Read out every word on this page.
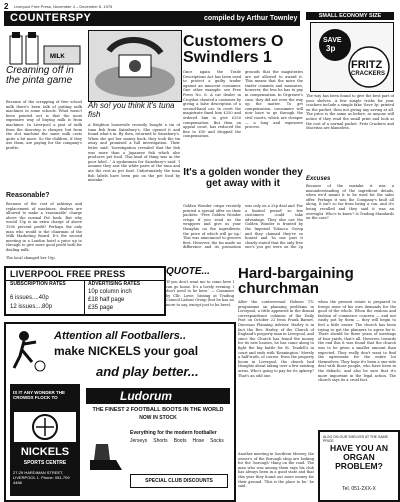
2 Liverpool Free Press, November 4 – December 6, 1975
COUNTERSPY	compiled by Arthur Townley
MILK
Creaming off in the pinta game
Because of the scrapping of free school milk there's been talk of putting milk machines in some schools. What wasn't been pointed out is that the most expensive way of buying milk is from machines. In Liverpool a pint of milk from the doorstep is cheaper, but from the slot machine the same milk costs quite a bit more. So the children, if they use them, are paying for the company's profits.
Reasonable?
Because of the cost of ashtrays and replacement of machines, dealers are allowed to make a 'reasonable' charge above the normal Pot book. But why would 13p is an extra charge of above 1500 percent profit? Perhaps the only man who would is the chairman of the Milk Marketing Board. It's the second meeting in a London hotel a price up to through to give more good profit both for dealing milk.
The local changed her 10p.
Ah so! you think it's tuna fish
A Brighton housewife recently bought a tin of tuna fish from Sainsbury's. She opened it and found what's in. By then, returned to Sainsbury's. When she got her money back, they took the tin away and promised a full investigation. Their letter said: 'Investigation revealed that the fish was more than a Japanese fish which also produces pet food. This kind of thing was in the poor label...' A spokesman for Sainsbury's said: 'I assume they saw the white parts of the tuna and ate the rest as pet food. Unfortunately the tuna fish labels have been put on the pet food by mistake.'
Customers O
Swindlers 1
Once again the Trade Descriptions Act has been used to protect a guilty trader against an innocent consumer. One other example: see Free Press No. 6. A car dealer in Croydon cheated a customer by giving a false description of a second-hand car. In court the magistrate fined him £250 and ordered him to give £250 compensation. But then on appeal court, has reduced the fine to £50 and dropped the compensation.
grounds that the magistrates are not allowed to award it. This means that the more the trader commits and measures, however, the less he has to pay in compensation. In Orgreave's case, they did not even the way up the matter. To get compensation, consumers will now have to go through the civil courts, which are cheaper — a long and expensive process.
It's a golden wonder they get away with it
Golden Wonder crisps recently printed a special offer on their packets: 'Free Golden Wonder crisps if you send us the wrappers and give us your thoughts on the ingredients, the price of which will go up.' This was announced to grocers first. However, the tin made no difference and its promotion was only on a 25p deal and 'For a limited period' so few customers could take advantage. They also use the Golden Wonder is fronted by the Imperial Tobacco Group and they claimed they're so honest and 'In one part it clearly stated that the only free one's you get were on the 2p
SMALL ECONOMY SIZE
SAVE
3p
FRITZ
CRACKERS
The way has been found to give the best part of your shelves. A few simple tricks for your crackers include a simple fake 'Save 3p' printed on the packet, then not giving any saving at all. The price is the same as before, as anyone will notice if they read the small print and look at the cost of a normal packet. Fritz Crackers and Macvitas are blameless.
Excuses
Because of the mistake it was a misunderstanding of the ingredient details, when we'd meant it to be used for the sales offer. Perhaps it was the Company's fault all along, it isn't so far from being a con, and it's being recalled and they said it was an oversight. Who's to know? Is Trading Standards on the case?
LIVERPOOL FREE PRESS
SUBSCRIPTION RATES
6 issues....40p
12 issues....80p
ADVERTISING RATES
10p column inch
£18 half page
£35 page
QUOTE...
'If you don't want me to come here I can go home. It's a lovely evening. I don't need to be here.' — Comment by Cllr. Lowe, hissing at Trading Council Labour Group (but he has no more to say, except just to be here).
Hard-bargaining
churchman
After the controversial Holmes T.V. programme on planning problems in Liverpool, a tittle appeared in the dismal correspondence columns of the Daily Post on October 22 from Frank Barnet, Diocesan Planning Adviser. Harley is in fact the Rev. Harley, of the Church of England's property man in Liverpool, and since the Church has found the money for its new houses, he has come along to fight the big battle for St. Tendell's in court and ends with 'Kennington.' Merely a half-truth, of course. Even the property boom in Liverpool, the church had thoughts about taking over a few existing areas. Who's going to pay for its upkeep? That's an odd one.
when the present estate is prepared to forego none of his own demands for the good of the whole. When the zealous and fashion of commerce concern — and not easily put by them — they will begin to feel a little easier. The church has been trying to get the planners to agree for it. There should be three years of meetings of four yards, that's all. However, towards the end this it was found that the church was to be given a smaller amount than expected. They really don't want to find the agreement for the entire lot themselves. They hope it's been a one-side deal with those people, who have been in the debacle, and also be sure that it's more important in the legal action. The church says its a cruel fact.
Attention all Footballers..
make NICKELS your goal
and play better...
IS IT ANY WONDER THE CROWDS FLOCK TO
NICKELS
SPORTS CENTRE
27-29 HARDIMAN STREET, LIVERPOOL 1. Phone: 051-709 4466
Ludorum
THE FINEST 2 FOOTBALL BOOTS IN THE WORLD
NOW IN STOCK
Everything for the modern footballer
Jerseys Shorts Boots Hose Socks
SPECIAL CLUB DISCOUNTS
Another meeting in Southern Mersey, the owner's of the Borough shop are looking for the 'borough' thing on the road. The man who was among them says his club has always been in a good state and that this year they found out more money for their ground. 'This is the place to be,' he said.
ALSO ON OUR SHELVES AT THE SAME PRICE
HAVE YOU AN ORGAN PROBLEM?
Tel. 051-2XX-X
